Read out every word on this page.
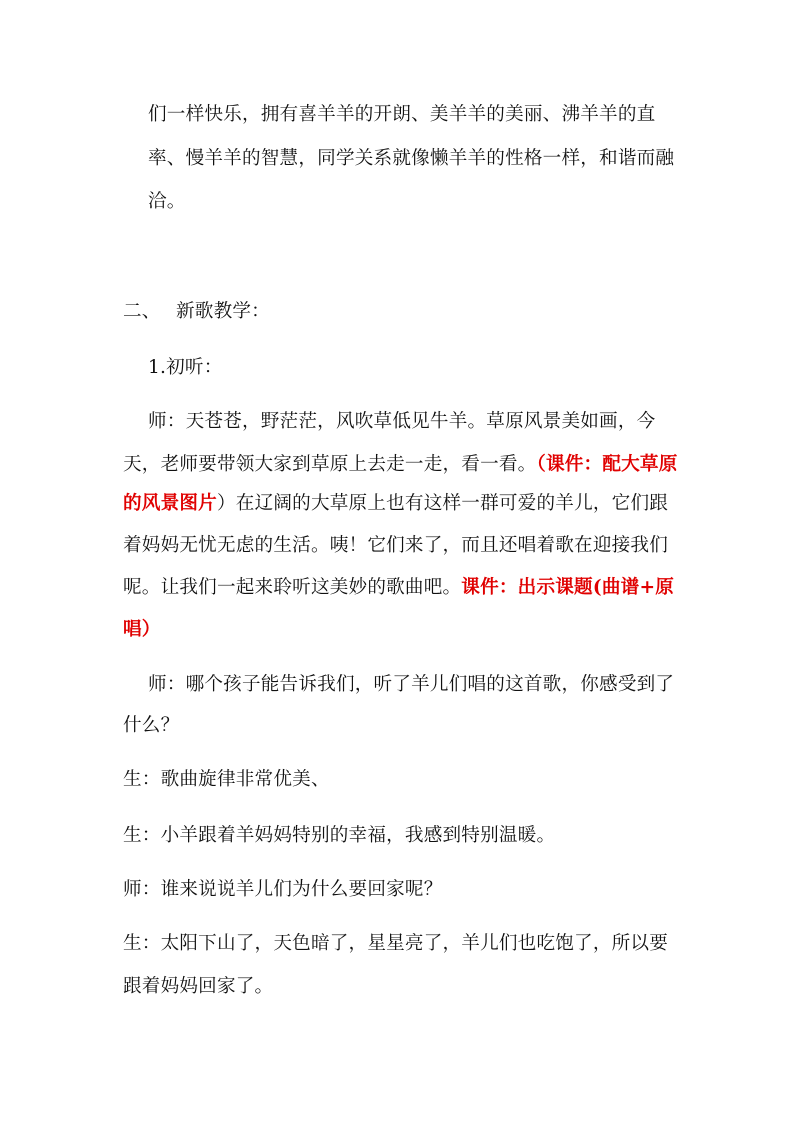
们一样快乐，拥有喜羊羊的开朗、美羊羊的美丽、沸羊羊的直
率、慢羊羊的智慧，同学关系就像懒羊羊的性格一样，和谐而融
洽。
二、 新歌教学：
1.初听：
师：天苍苍，野茫茫，风吹草低见牛羊。草原风景美如画，今
天，老师要带领大家到草原上去走一走，看一看。（课件：配大草原
的风景图片）在辽阔的大草原上也有这样一群可爱的羊儿，它们跟
着妈妈无忧无虑的生活。咦！它们来了，而且还唱着歌在迎接我们
呢。让我们一起来聆听这美妙的歌曲吧。课件：出示课题(曲谱+原
唱）
师：哪个孩子能告诉我们，听了羊儿们唱的这首歌，你感受到了
什么？
生：歌曲旋律非常优美、
生：小羊跟着羊妈妈特别的幸福，我感到特别温暖。
师：谁来说说羊儿们为什么要回家呢？
生：太阳下山了，天色暗了，星星亮了，羊儿们也吃饱了，所以要
跟着妈妈回家了。
